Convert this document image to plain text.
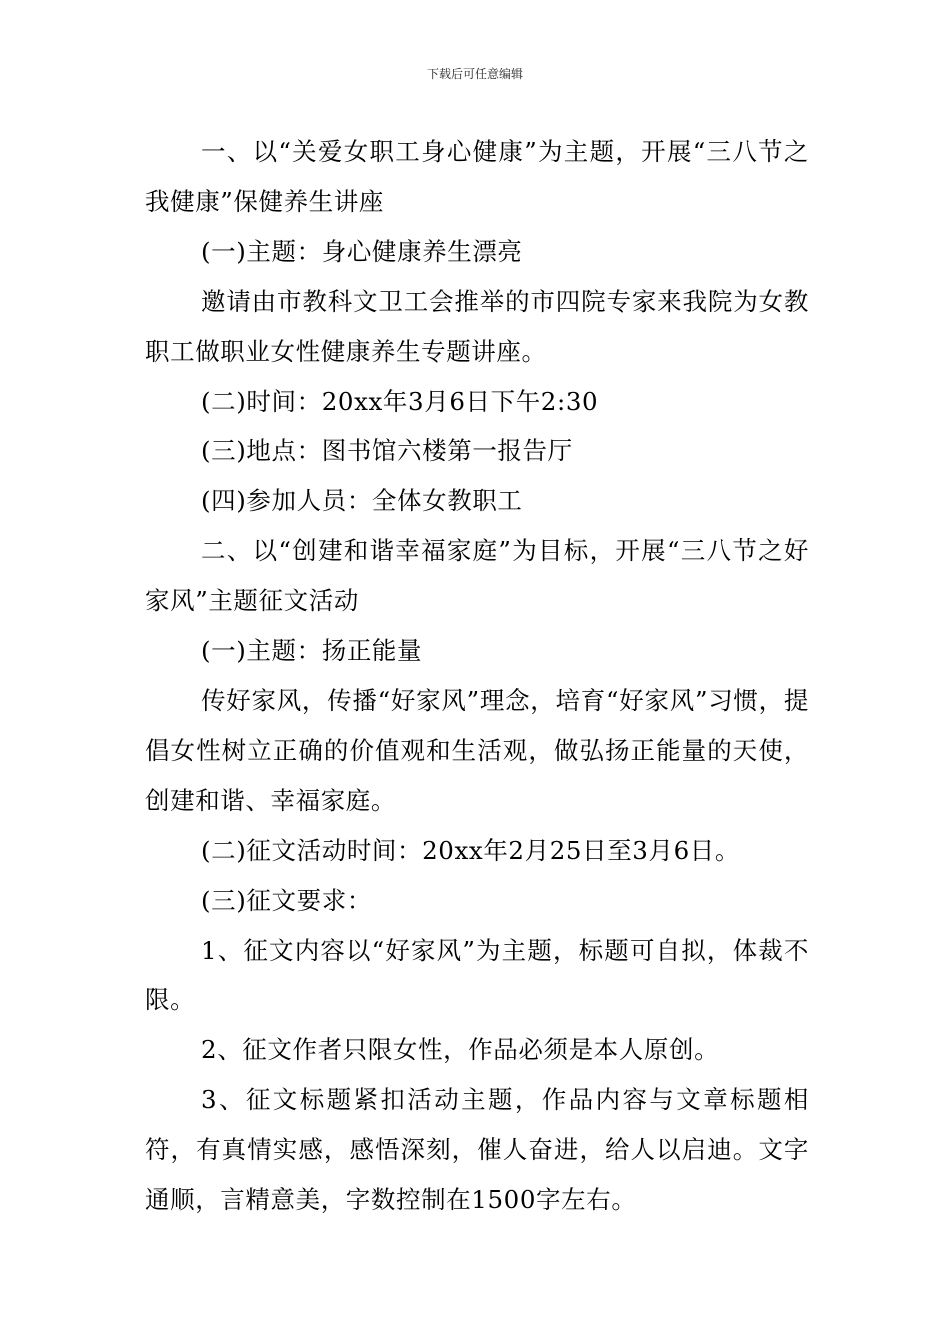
下载后可任意编辑

一、以“关爱女职工身心健康”为主题，开展“三八节之我健康”保健养生讲座

(一)主题：身心健康养生漂亮

邀请由市教科文卫工会推举的市四院专家来我院为女教职工做职业女性健康养生专题讲座。

(二)时间：20xx年3月6日下午2:30

(三)地点：图书馆六楼第一报告厅

(四)参加人员：全体女教职工

二、以“创建和谐幸福家庭”为目标，开展“三八节之好家风”主题征文活动

(一)主题：扬正能量

传好家风，传播“好家风”理念，培育“好家风”习惯，提倡女性树立正确的价值观和生活观，做弘扬正能量的天使，创建和谐、幸福家庭。

(二)征文活动时间：20xx年2月25日至3月6日。

(三)征文要求：

1、征文内容以“好家风”为主题，标题可自拟，体裁不限。

2、征文作者只限女性，作品必须是本人原创。

3、征文标题紧扣活动主题，作品内容与文章标题相符，有真情实感，感悟深刻，催人奋进，给人以启迪。文字通顺，言精意美，字数控制在1500字左右。
